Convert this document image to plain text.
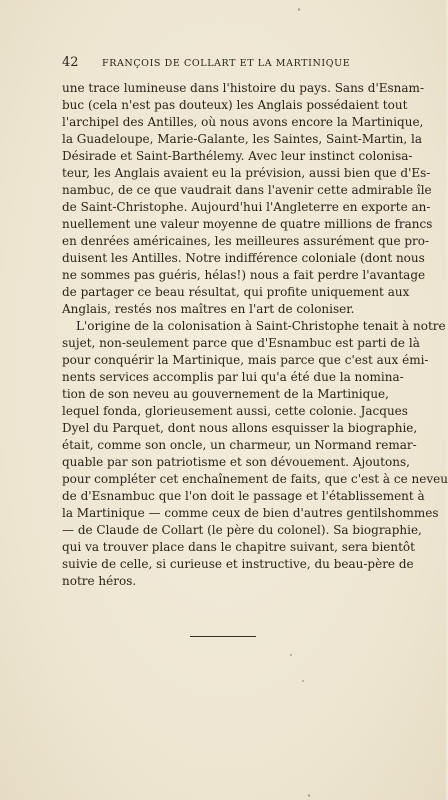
42 FRANÇOIS DE COLLART ET LA MARTINIQUE
une trace lumineuse dans l'histoire du pays. Sans d'Esnam-
buc (cela n'est pas douteux) les Anglais possédaient tout
l'archipel des Antilles, où nous avons encore la Martinique,
la Guadeloupe, Marie-Galante, les Saintes, Saint-Martin, la
Désirade et Saint-Barthélemy. Avec leur instinct colonisa-
teur, les Anglais avaient eu la prévision, aussi bien que d'Es-
nambuc, de ce que vaudrait dans l'avenir cette admirable île
de Saint-Christophe. Aujourd'hui l'Angleterre en exporte an-
nuellement une valeur moyenne de quatre millions de francs
en denrées américaines, les meilleures assurément que pro-
duisent les Antilles. Notre indifférence coloniale (dont nous
ne sommes pas guéris, hélas!) nous a fait perdre l'avantage
de partager ce beau résultat, qui profite uniquement aux
Anglais, restés nos maîtres en l'art de coloniser.
L'origine de la colonisation à Saint-Christophe tenait à notre
sujet, non-seulement parce que d'Esnambuc est parti de là
pour conquérir la Martinique, mais parce que c'est aux émi-
nents services accomplis par lui qu'a été due la nomina-
tion de son neveu au gouvernement de la Martinique,
lequel fonda, glorieusement aussi, cette colonie. Jacques
Dyel du Parquet, dont nous allons esquisser la biographie,
était, comme son oncle, un charmeur, un Normand remar-
quable par son patriotisme et son dévouement. Ajoutons,
pour compléter cet enchaînement de faits, que c'est à ce neveu
de d'Esnambuc que l'on doit le passage et l'établissement à
la Martinique — comme ceux de bien d'autres gentilshommes
— de Claude de Collart (le père du colonel). Sa biographie,
qui va trouver place dans le chapitre suivant, sera bientôt
suivie de celle, si curieuse et instructive, du beau-père de
notre héros.
